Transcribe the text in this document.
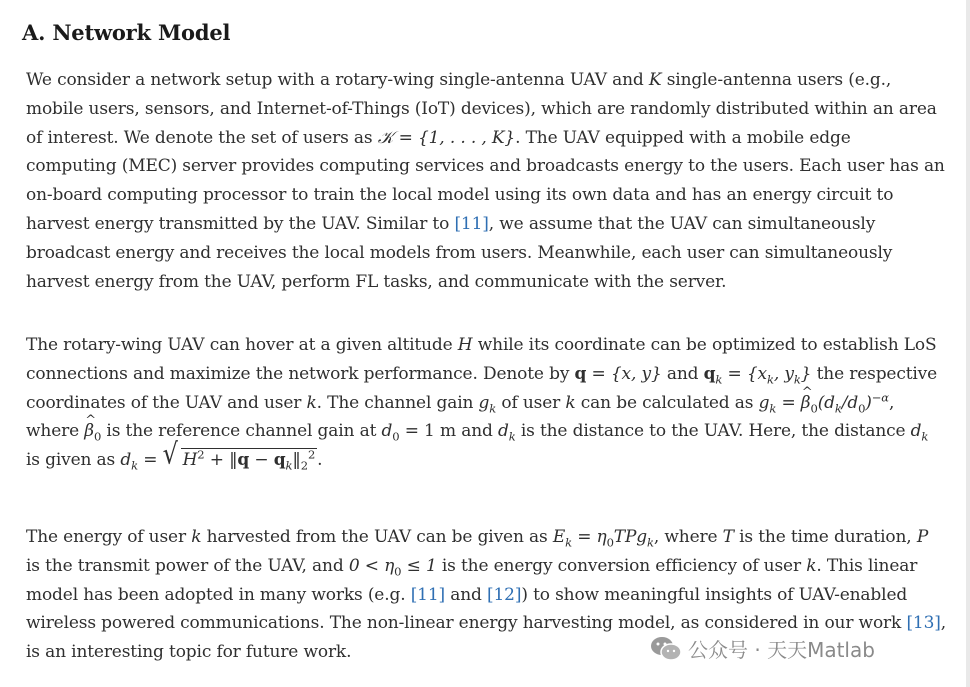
A. Network Model

We consider a network setup with a rotary-wing single-antenna UAV and K single-antenna users (e.g., mobile users, sensors, and Internet-of-Things (IoT) devices), which are randomly distributed within an area of interest. We denote the set of users as 𝒦 = {1, . . . , K}. The UAV equipped with a mobile edge computing (MEC) server provides computing services and broadcasts energy to the users. Each user has an on-board computing processor to train the local model using its own data and has an energy circuit to harvest energy transmitted by the UAV. Similar to [11], we assume that the UAV can simultaneously broadcast energy and receives the local models from users. Meanwhile, each user can simultaneously harvest energy from the UAV, perform FL tasks, and communicate with the server.

The rotary-wing UAV can hover at a given altitude H while its coordinate can be optimized to establish LoS connections and maximize the network performance. Denote by q = {x, y} and $q_k = \{x_k$, $y_k$} the respective coordinates of the UAV and user k. The channel gain $g_k$ of user k can be calculated as $g_k$ = ^ $\beta_0(d_k/d_0)^{-\alpha}$, where ^ $\beta_0$ is the reference channel gain at $d_0 = 1$ m and $d_k$ is the distance to the UAV. Here, the distance $d_k$ is given as $d_k$ = √ $H^2$ + ‖q − $q_k‖_2^2$ .

The energy of user k harvested from the UAV can be given as $E_k = \eta_0TPg_k$, where T is the time duration, P is the transmit power of the UAV, and $0 < \eta_0 \le 1$ is the energy conversion efficiency of user k. This linear model has been adopted in many works (e.g. [11] and [12]) to show meaningful insights of UAV-enabled wireless powered communications. The non-linear energy harvesting model, as considered in our work [13], is an interesting topic for future work.	公众号 · 天天Matlab
